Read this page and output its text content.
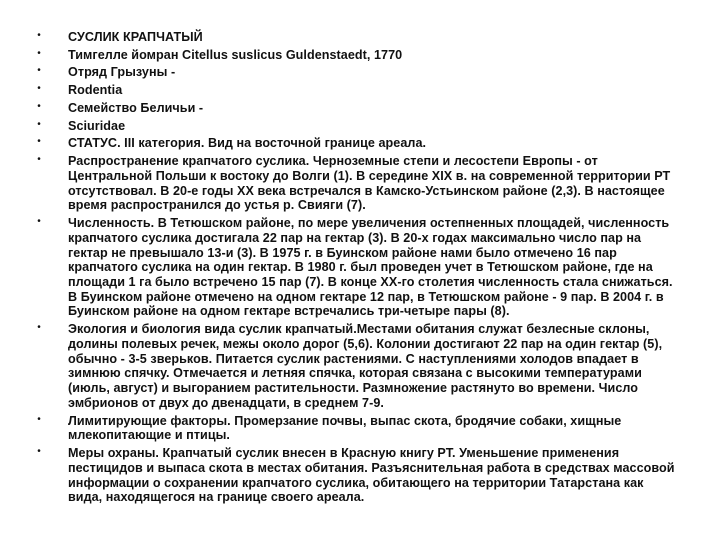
• СУСЛИК КРАПЧАТЫЙ
• Тимгелле йомран Citellus suslicus Guldenstaedt, 1770
• Отряд Грызуны -
• Rodentia
• Семейство Беличьи -
• Sciuridae
• СТАТУС. III категория. Вид на восточной границе ареала.
• Распространение крапчатого суслика. Черноземные степи и лесостепи Европы - от Центральной Польши к востоку до Волги (1). В середине XIX в. на современной территории РТ отсутствовал. В 20-е годы XX века встречался в Камско-Устьинском районе (2,3). В настоящее время распространился до устья р. Свияги (7).
• Численность. В Тетюшском районе, по мере увеличения остепненных площадей, численность крапчатого суслика достигала 22 пар на гектар (3). В 20-х годах максимально число пар на гектар не превышало 13-и (3). В 1975 г. в Буинском районе нами было отмечено 16 пар крапчатого суслика на один гектар. В 1980 г. был проведен учет в Тетюшском районе, где на площади 1 га было встречено 15 пар (7). В конце XX-го столетия численность стала снижаться. В Буинском районе отмечено на одном гектаре 12 пар, в Тетюшском районе - 9 пар. В 2004 г. в Буинском районе на одном гектаре встречались три-четыре пары (8).
• Экология и биология вида суслик крапчатый.Местами обитания служат безлесные склоны, долины полевых речек, межы около дорог (5,6). Колонии достигают 22 пар на один гектар (5), обычно - 3-5 зверьков. Питается суслик растениями. С наступлениями холодов впадает в зимнюю спячку. Отмечается и летняя спячка, которая связана с высокими температурами (июль, август) и выгоранием растительности. Размножение растянуто во времени. Число эмбрионов от двух до двенадцати, в среднем 7-9.
• Лимитирующие факторы. Промерзание почвы, выпас скота, бродячие собаки, хищные млекопитающие и птицы.
• Меры охраны. Крапчатый суслик внесен в Красную книгу РТ. Уменьшение применения пестицидов и выпаса скота в местах обитания. Разъяснительная работа в средствах массовой информации о сохранении крапчатого суслика, обитающего на территории Татарстана как вида, находящегося на границе своего ареала.
